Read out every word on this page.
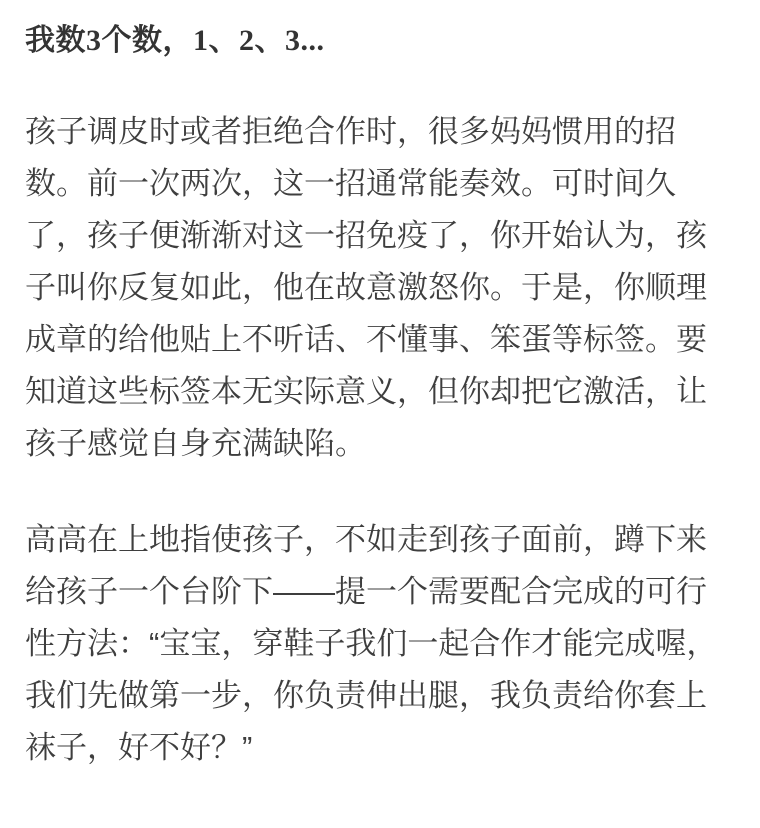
我数3个数，1、2、3...

孩子调皮时或者拒绝合作时，很多妈妈惯用的招数。前一次两次，这一招通常能奏效。可时间久了，孩子便渐渐对这一招免疫了，你开始认为，孩子叫你反复如此，他在故意激怒你。于是，你顺理成章的给他贴上不听话、不懂事、笨蛋等标签。要知道这些标签本无实际意义，但你却把它激活，让孩子感觉自身充满缺陷。

高高在上地指使孩子，不如走到孩子面前，蹲下来给孩子一个台阶下——提一个需要配合完成的可行性方法：“宝宝，穿鞋子我们一起合作才能完成喔，我们先做第一步，你负责伸出腿，我负责给你套上袜子，好不好？”
